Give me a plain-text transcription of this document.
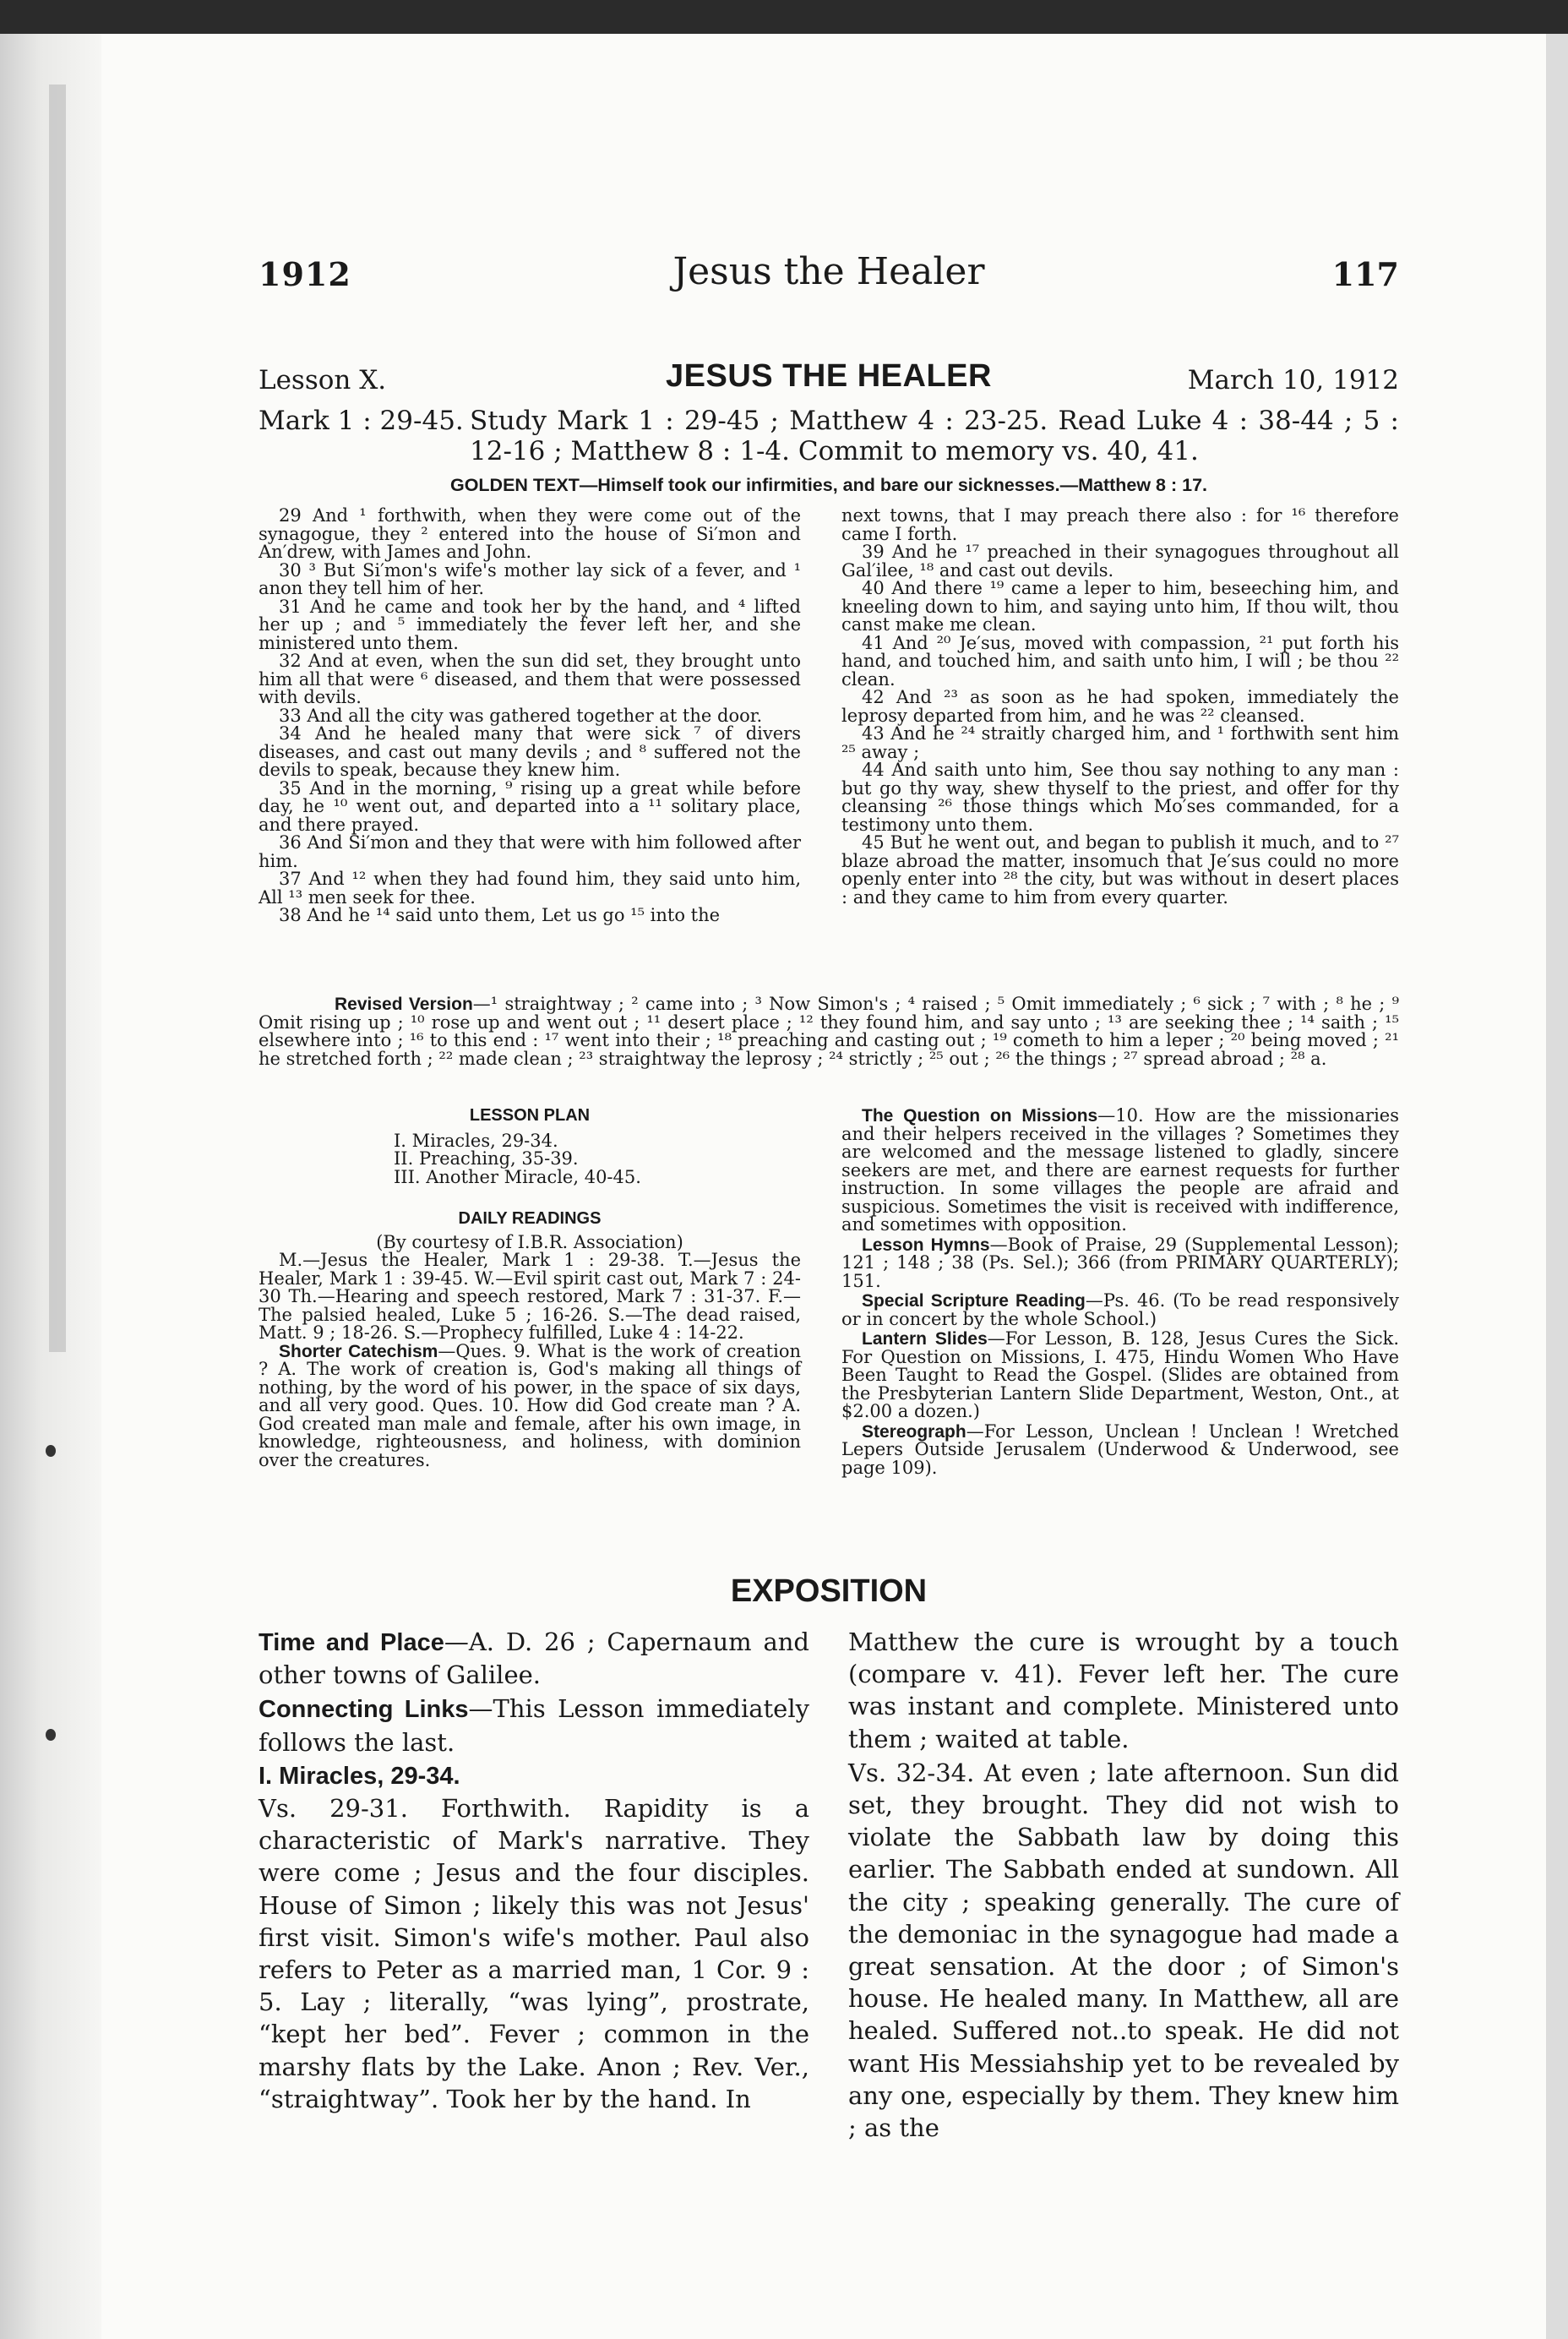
1912	Jesus the Healer	117
Lesson X.	JESUS THE HEALER	March 10, 1912
Mark 1 : 29-45. Study Mark 1 : 29-45 ; Matthew 4 : 23-25. Read Luke 4 : 38-44 ; 5 : 12-16 ; Matthew 8 : 1-4. Commit to memory vs. 40, 41.
GOLDEN TEXT—Himself took our infirmities, and bare our sicknesses.—Matthew 8 : 17.

29 And ¹ forthwith, when they were come out of the synagogue, they ² entered into the house of Si′mon and An′drew, with James and John.

30 ³ But Si′mon's wife's mother lay sick of a fever, and ¹ anon they tell him of her.

31 And he came and took her by the hand, and ⁴ lifted her up ; and ⁵ immediately the fever left her, and she ministered unto them.

32 And at even, when the sun did set, they brought unto him all that were ⁶ diseased, and them that were possessed with devils.

33 And all the city was gathered together at the door.

34 And he healed many that were sick ⁷ of divers diseases, and cast out many devils ; and ⁸ suffered not the devils to speak, because they knew him.

35 And in the morning, ⁹ rising up a great while before day, he ¹⁰ went out, and departed into a ¹¹ solitary place, and there prayed.

36 And Si′mon and they that were with him followed after him.

37 And ¹² when they had found him, they said unto him, All ¹³ men seek for thee.

38 And he ¹⁴ said unto them, Let us go ¹⁵ into the

next towns, that I may preach there also : for ¹⁶ therefore came I forth.

39 And he ¹⁷ preached in their synagogues throughout all Gal′ilee, ¹⁸ and cast out devils.

40 And there ¹⁹ came a leper to him, beseeching him, and kneeling down to him, and saying unto him, If thou wilt, thou canst make me clean.

41 And ²⁰ Je′sus, moved with compassion, ²¹ put forth his hand, and touched him, and saith unto him, I will ; be thou ²² clean.

42 And ²³ as soon as he had spoken, immediately the leprosy departed from him, and he was ²² cleansed.

43 And he ²⁴ straitly charged him, and ¹ forthwith sent him ²⁵ away ;

44 And saith unto him, See thou say nothing to any man : but go thy way, shew thyself to the priest, and offer for thy cleansing ²⁶ those things which Mo′ses commanded, for a testimony unto them.

45 But he went out, and began to publish it much, and to ²⁷ blaze abroad the matter, insomuch that Je′sus could no more openly enter into ²⁸ the city, but was without in desert places : and they came to him from every quarter.

Revised Version—¹ straightway ; ² came into ; ³ Now Simon's ; ⁴ raised ; ⁵ Omit immediately ; ⁶ sick ; ⁷ with ; ⁸ he ; ⁹ Omit rising up ; ¹⁰ rose up and went out ; ¹¹ desert place ; ¹² they found him, and say unto ; ¹³ are seeking thee ; ¹⁴ saith ; ¹⁵ elsewhere into ; ¹⁶ to this end : ¹⁷ went into their ; ¹⁸ preaching and casting out ; ¹⁹ cometh to him a leper ; ²⁰ being moved ; ²¹ he stretched forth ; ²² made clean ; ²³ straightway the leprosy ; ²⁴ strictly ; ²⁵ out ; ²⁶ the things ; ²⁷ spread abroad ; ²⁸ a.
LESSON PLAN
I. Miracles, 29-34.
II. Preaching, 35-39.
III. Another Miracle, 40-45.
DAILY READINGS
(By courtesy of I.B.R. Association)

M.—Jesus the Healer, Mark 1 : 29-38. T.—Jesus the Healer, Mark 1 : 39-45. W.—Evil spirit cast out, Mark 7 : 24-30 Th.—Hearing and speech restored, Mark 7 : 31-37. F.—The palsied healed, Luke 5 ; 16-26. S.—The dead raised, Matt. 9 ; 18-26. S.—Prophecy fulfilled, Luke 4 : 14-22.

Shorter Catechism—Ques. 9. What is the work of creation ? A. The work of creation is, God's making all things of nothing, by the word of his power, in the space of six days, and all very good. Ques. 10. How did God create man ? A. God created man male and female, after his own image, in knowledge, righteousness, and holiness, with dominion over the creatures.

The Question on Missions—10. How are the missionaries and their helpers received in the villages ? Sometimes they are welcomed and the message listened to gladly, sincere seekers are met, and there are earnest requests for further instruction. In some villages the people are afraid and suspicious. Sometimes the visit is received with indifference, and sometimes with opposition.

Lesson Hymns—Book of Praise, 29 (Supplemental Lesson); 121 ; 148 ; 38 (Ps. Sel.); 366 (from PRIMARY QUARTERLY); 151.

Special Scripture Reading—Ps. 46. (To be read responsively or in concert by the whole School.)

Lantern Slides—For Lesson, B. 128, Jesus Cures the Sick. For Question on Missions, I. 475, Hindu Women Who Have Been Taught to Read the Gospel. (Slides are obtained from the Presbyterian Lantern Slide Department, Weston, Ont., at $2.00 a dozen.)

Stereograph—For Lesson, Unclean ! Unclean ! Wretched Lepers Outside Jerusalem (Underwood & Underwood, see page 109).

EXPOSITION

Time and Place—A. D. 26 ; Capernaum and other towns of Galilee.

Connecting Links—This Lesson immediately follows the last.

I. Miracles, 29-34.

Vs. 29-31. Forthwith. Rapidity is a characteristic of Mark's narrative. They were come ; Jesus and the four disciples. House of Simon ; likely this was not Jesus' first visit. Simon's wife's mother. Paul also refers to Peter as a married man, 1 Cor. 9 : 5. Lay ; literally, “was lying”, prostrate, “kept her bed”. Fever ; common in the marshy flats by the Lake. Anon ; Rev. Ver., “straightway”. Took her by the hand. In

Matthew the cure is wrought by a touch (compare v. 41). Fever left her. The cure was instant and complete. Ministered unto them ; waited at table.

Vs. 32-34. At even ; late afternoon. Sun did set, they brought. They did not wish to violate the Sabbath law by doing this earlier. The Sabbath ended at sundown. All the city ; speaking generally. The cure of the demoniac in the synagogue had made a great sensation. At the door ; of Simon's house. He healed many. In Matthew, all are healed. Suffered not..to speak. He did not want His Messiahship yet to be revealed by any one, especially by them. They knew him ; as the
